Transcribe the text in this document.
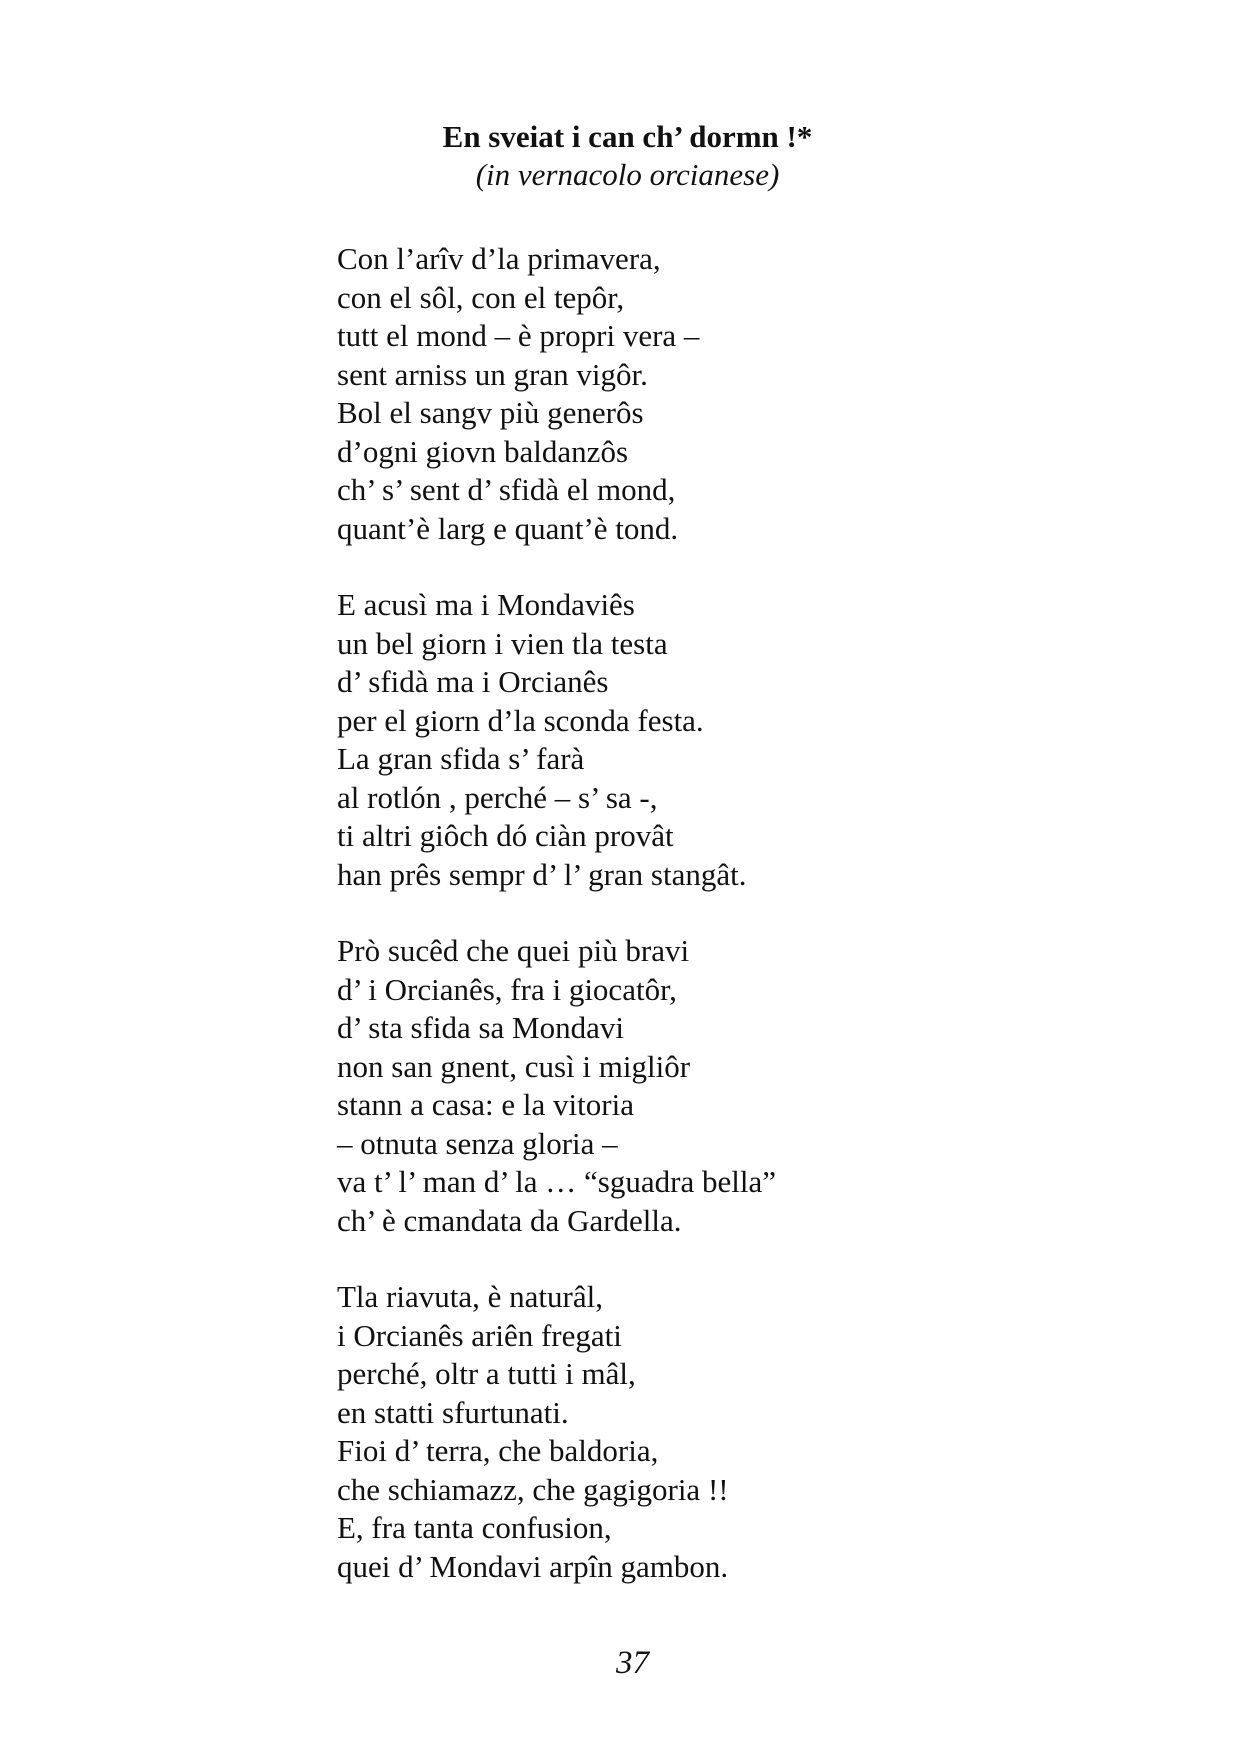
En sveiat i can ch’ dormn !*

(in vernacolo orcianese)

Con l’arîv d’la primavera,
con el sôl, con el tepôr,
tutt el mond – è propri vera –
sent arniss un gran vigôr.
Bol el sangv più generôs
d’ogni giovn baldanzôs
ch’ s’ sent d’ sfidà el mond,
quant’è larg e quant’è tond.
E acusì ma i Mondaviês
un bel giorn i vien tla testa
d’ sfidà ma i Orcianês
per el giorn d’la sconda festa.
La gran sfida s’ farà
al rotlón , perché – s’ sa -,
ti altri giôch dó ciàn provât
han prês sempr d’ l’ gran stangât.
Prò sucêd che quei più bravi
d’ i Orcianês, fra i giocatôr,
d’ sta sfida sa Mondavi
non san gnent, cusì i migliôr
stann a casa: e la vitoria
– otnuta senza gloria –
va t’ l’ man d’ la … “sguadra bella”
ch’ è cmandata da Gardella.
Tla riavuta, è naturâl,
i Orcianês ariên fregati
perché, oltr a tutti i mâl,
en statti sfurtunati.
Fioi d’ terra, che baldoria,
che schiamazz, che gagigoria !!
E, fra tanta confusion,
quei d’ Mondavi arpîn gambon.
37
